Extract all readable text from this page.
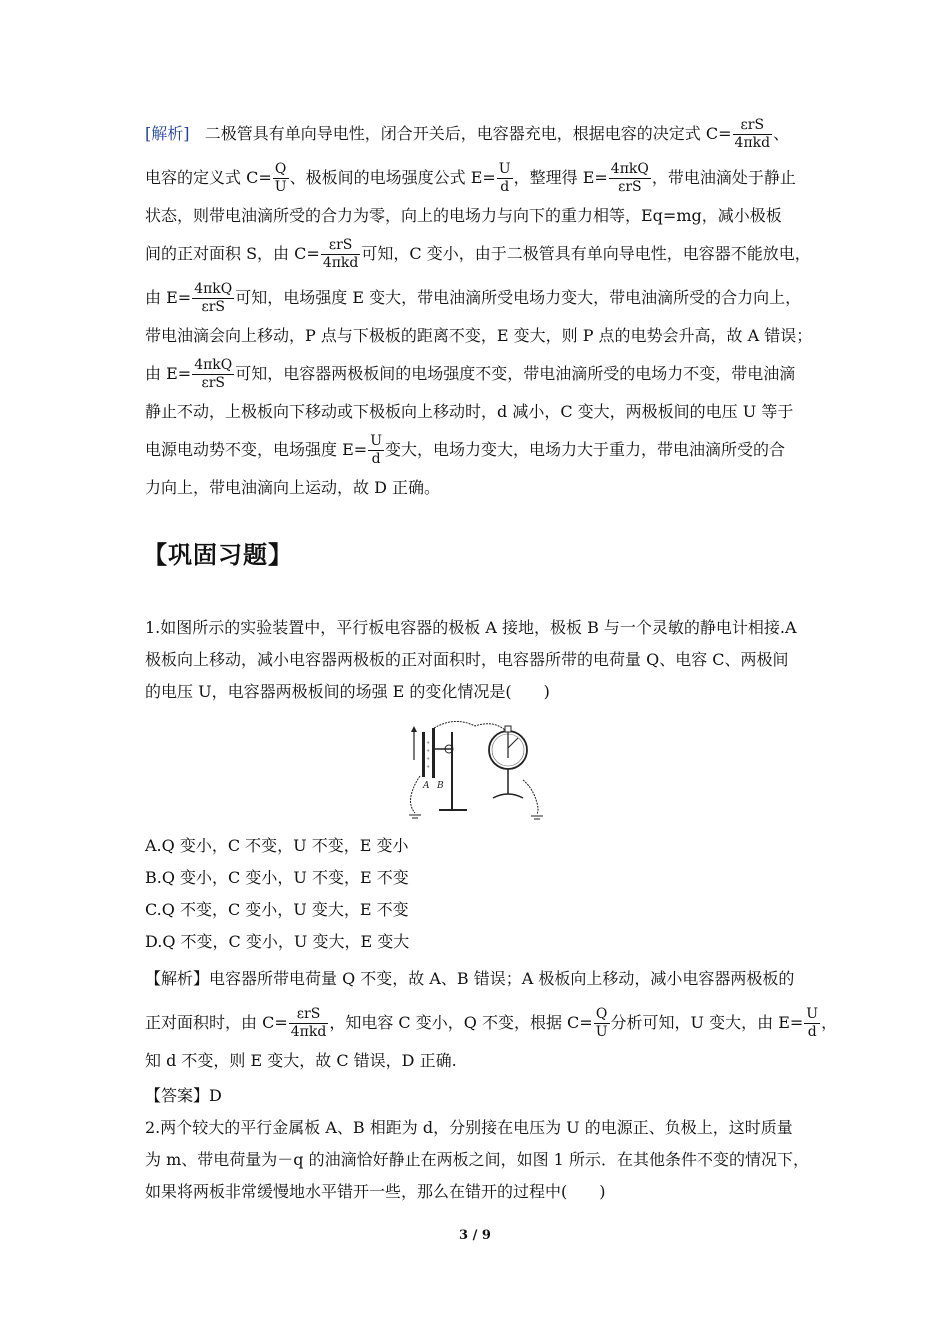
[解析] 二极管具有单向导电性，闭合开关后，电容器充电，根据电容的决定式 $C= \frac{\text{εrS}}{\text{4πkd}}$ 、
电容的定义式 $C= \frac{Q}{U}$ 、极板间的电场强度公式 $E= \frac{U}{d}$ ，整理得 $E= \frac{\text{4πkQ}}{\text{εrS}}$ ，带电油滴处于静止
状态，则带电油滴所受的合力为零，向上的电场力与向下的重力相等，Eq=mg，减小极板
间的正对面积 S，由 $C= \frac{\text{εrS}}{\text{4πkd}}$ 可知，C 变小，由于二极管具有单向导电性，电容器不能放电，
由 $E= \frac{\text{4πkQ}}{\text{εrS}}$ 可知，电场强度 E 变大，带电油滴所受电场力变大，带电油滴所受的合力向上，
带电油滴会向上移动，P 点与下极板的距离不变，E 变大，则 P 点的电势会升高，故 A 错误；
由 $E= \frac{\text{4πkQ}}{\text{εrS}}$ 可知，电容器两极板间的电场强度不变，带电油滴所受的电场力不变，带电油滴
静止不动，上极板向下移动或下极板向上移动时，d 减小，C 变大，两极板间的电压 U 等于
电源电动势不变，电场强度 $E= \frac{U}{d}$ 变大，电场力变大，电场力大于重力，带电油滴所受的合
力向上，带电油滴向上运动，故 D 正确。
【巩固习题】
1.如图所示的实验装置中，平行板电容器的极板 A 接地，极板 B 与一个灵敏的静电计相接.A
极板向上移动，减小电容器两极板的正对面积时，电容器所带的电荷量 Q、电容 C、两极间
的电压 U，电容器两极板间的场强 E 的变化情况是(　　)
+
+
+
+
A B
A.Q 变小，C 不变，U 不变，E 变小
B.Q 变小，C 变小，U 不变，E 不变
C.Q 不变，C 变小，U 变大，E 不变
D.Q 不变，C 变小，U 变大，E 变大
【解析】电容器所带电荷量 Q 不变，故 A、B 错误；A 极板向上移动，减小电容器两极板的
正对面积时，由 $C= \frac{\text{εrS}}{\text{4πkd}}$ ，知电容 C 变小，Q 不变，根据 $C= \frac{Q}{U}$ 分析可知，U 变大，由 $E= \frac{U}{d}$ ，
知 d 不变，则 E 变大，故 C 错误，D 正确.
【答案】D
2.两个较大的平行金属板 A、B 相距为 d，分别接在电压为 U 的电源正、负极上，这时质量
为 m、带电荷量为－q 的油滴恰好静止在两板之间，如图 1 所示．在其他条件不变的情况下，
如果将两板非常缓慢地水平错开一些，那么在错开的过程中(　　)
3 / 9
